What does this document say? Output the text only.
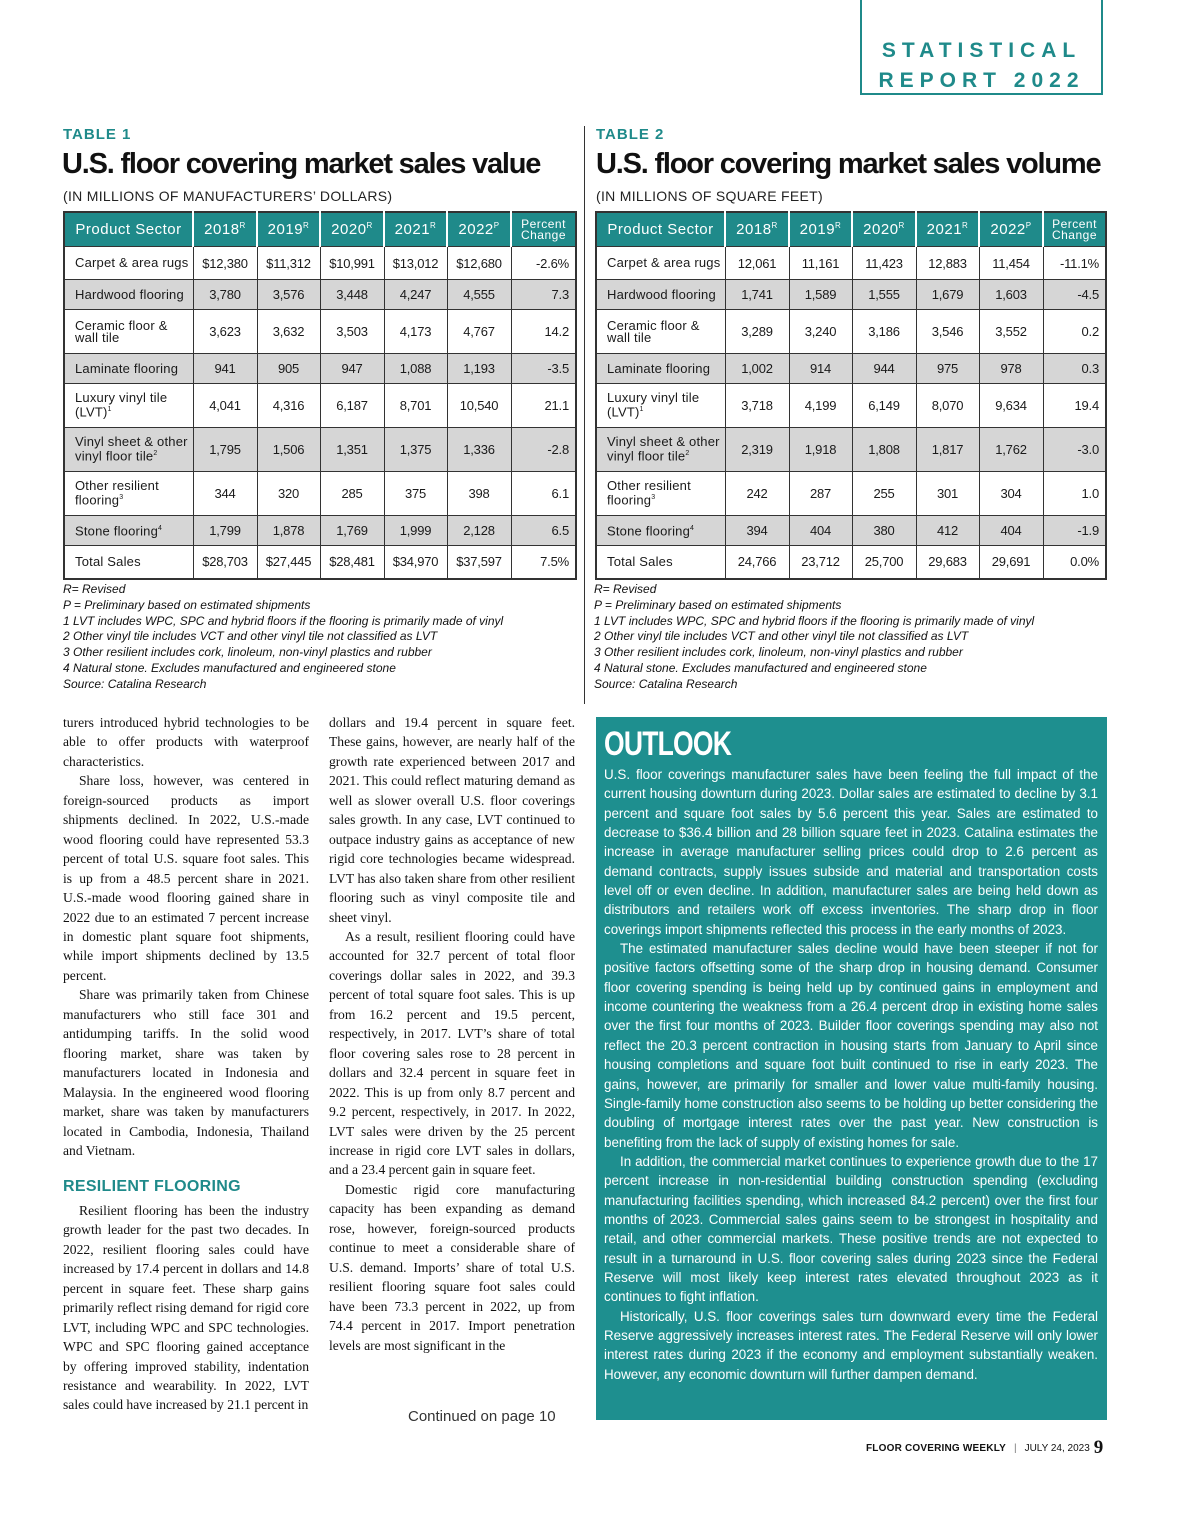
STATISTICAL
REPORT 2022
TABLE 1
U.S. floor covering market sales value
(IN MILLIONS OF MANUFACTURERS’ DOLLARS)
TABLE 2
U.S. floor covering market sales volume
(IN MILLIONS OF SQUARE FEET)
Product Sector	$2018^R$	$2019^R$	$2020^R$	$2021^R$	$2022^P$	Percent Change
Carpet & area rugs	$12,380	$11,312	$10,991	$13,012	$12,680	-2.6%
Hardwood flooring	3,780	3,576	3,448	4,247	4,555	7.3
Ceramic floor & wall tile	3,623	3,632	3,503	4,173	4,767	14.2
Laminate flooring	941	905	947	1,088	1,193	-3.5
Luxury vinyl tile (LVT)$^1$	4,041	4,316	6,187	8,701	10,540	21.1
Vinyl sheet & other vinyl floor tile$^2$	1,795	1,506	1,351	1,375	1,336	-2.8
Other resilient flooring$^3$	344	320	285	375	398	6.1
Stone flooring$^4$	1,799	1,878	1,769	1,999	2,128	6.5
Total Sales	$28,703	$27,445	$28,481	$34,970	$37,597	7.5%
Product Sector	$2018^R$	$2019^R$	$2020^R$	$2021^R$	$2022^P$	Percent Change
Carpet & area rugs	12,061	11,161	11,423	12,883	11,454	-11.1%
Hardwood flooring	1,741	1,589	1,555	1,679	1,603	-4.5
Ceramic floor & wall tile	3,289	3,240	3,186	3,546	3,552	0.2
Laminate flooring	1,002	914	944	975	978	0.3
Luxury vinyl tile (LVT)$^1$	3,718	4,199	6,149	8,070	9,634	19.4
Vinyl sheet & other vinyl floor tile$^2$	2,319	1,918	1,808	1,817	1,762	-3.0
Other resilient flooring$^3$	242	287	255	301	304	1.0
Stone flooring$^4$	394	404	380	412	404	-1.9
Total Sales	24,766	23,712	25,700	29,683	29,691	0.0%
R= Revised
P = Preliminary based on estimated shipments
1 LVT includes WPC, SPC and hybrid floors if the flooring is primarily made of vinyl
2 Other vinyl tile includes VCT and other vinyl tile not classified as LVT
3 Other resilient includes cork, linoleum, non-vinyl plastics and rubber
4 Natural stone. Excludes manufactured and engineered stone
Source: Catalina Research
R= Revised
P = Preliminary based on estimated shipments
1 LVT includes WPC, SPC and hybrid floors if the flooring is primarily made of vinyl
2 Other vinyl tile includes VCT and other vinyl tile not classified as LVT
3 Other resilient includes cork, linoleum, non-vinyl plastics and rubber
4 Natural stone. Excludes manufactured and engineered stone
Source: Catalina Research

turers introduced hybrid technologies to be able to offer products with waterproof characteristics.

Share loss, however, was centered in foreign-sourced products as import shipments declined. In 2022, U.S.-made wood flooring could have represented 53.3 percent of total U.S. square foot sales. This is up from a 48.5 percent share in 2021. U.S.-made wood flooring gained share in 2022 due to an estimated 7 percent increase in domestic plant square foot shipments, while import shipments declined by 13.5 percent.

Share was primarily taken from Chinese manufacturers who still face 301 and antidumping tariffs. In the solid wood flooring market, share was taken by manufacturers located in Indonesia and Malaysia. In the engineered wood flooring market, share was taken by manufacturers located in Cambodia, Indonesia, Thailand and Vietnam.

RESILIENT FLOORING

Resilient flooring has been the industry growth leader for the past two decades. In 2022, resilient flooring sales could have increased by 17.4 percent in dollars and 14.8 percent in square feet. These sharp gains primarily reflect rising demand for rigid core LVT, including WPC and SPC technologies. WPC and SPC flooring gained acceptance by offering improved stability, indentation resistance and wearability. In 2022, LVT sales could have increased by 21.1 percent in

dollars and 19.4 percent in square feet. These gains, however, are nearly half of the growth rate experienced between 2017 and 2021. This could reflect maturing demand as well as slower overall U.S. floor coverings sales growth. In any case, LVT continued to outpace industry gains as acceptance of new rigid core technologies became widespread. LVT has also taken share from other resilient flooring such as vinyl composite tile and sheet vinyl.

As a result, resilient flooring could have accounted for 32.7 percent of total floor coverings dollar sales in 2022, and 39.3 percent of total square foot sales. This is up from 16.2 percent and 19.5 percent, respectively, in 2017. LVT’s share of total floor covering sales rose to 28 percent in dollars and 32.4 percent in square feet in 2022. This is up from only 8.7 percent and 9.2 percent, respectively, in 2017. In 2022, LVT sales were driven by the 25 percent increase in rigid core LVT sales in dollars, and a 23.4 percent gain in square feet.

Domestic rigid core manufacturing capacity has been expanding as demand rose, however, foreign-sourced products continue to meet a considerable share of U.S. demand. Imports’ share of total U.S. resilient flooring square foot sales could have been 73.3 percent in 2022, up from 74.4 percent in 2017. Import penetration levels are most significant in the

OUTLOOK

U.S. floor coverings manufacturer sales have been feeling the full impact of the current housing downturn during 2023. Dollar sales are estimated to decline by 3.1 percent and square foot sales by 5.6 percent this year. Sales are estimated to decrease to $36.4 billion and 28 billion square feet in 2023. Catalina estimates the increase in average manufacturer selling prices could drop to 2.6 percent as demand contracts, supply issues subside and material and transportation costs level off or even decline. In addition, manufacturer sales are being held down as distributors and retailers work off excess inventories. The sharp drop in floor coverings import shipments reflected this process in the early months of 2023.

The estimated manufacturer sales decline would have been steeper if not for positive factors offsetting some of the sharp drop in housing demand. Consumer floor covering spending is being held up by continued gains in employment and income countering the weakness from a 26.4 percent drop in existing home sales over the first four months of 2023. Builder floor coverings spending may also not reflect the 20.3 percent contraction in housing starts from January to April since housing completions and square foot built continued to rise in early 2023. The gains, however, are primarily for smaller and lower value multi-family housing. Single-family home construction also seems to be holding up better considering the doubling of mortgage interest rates over the past year. New construction is benefiting from the lack of supply of existing homes for sale.

In addition, the commercial market continues to experience growth due to the 17 percent increase in non-residential building construction spending (excluding manufacturing facilities spending, which increased 84.2 percent) over the first four months of 2023. Commercial sales gains seem to be strongest in hospitality and retail, and other commercial markets. These positive trends are not expected to result in a turnaround in U.S. floor covering sales during 2023 since the Federal Reserve will most likely keep interest rates elevated throughout 2023 as it continues to fight inflation.

Historically, U.S. floor coverings sales turn downward every time the Federal Reserve aggressively increases interest rates. The Federal Reserve will only lower interest rates during 2023 if the economy and employment substantially weaken. However, any economic downturn will further dampen demand.

Continued on page 10
FLOOR COVERING WEEKLY | JULY 24, 2023 9
